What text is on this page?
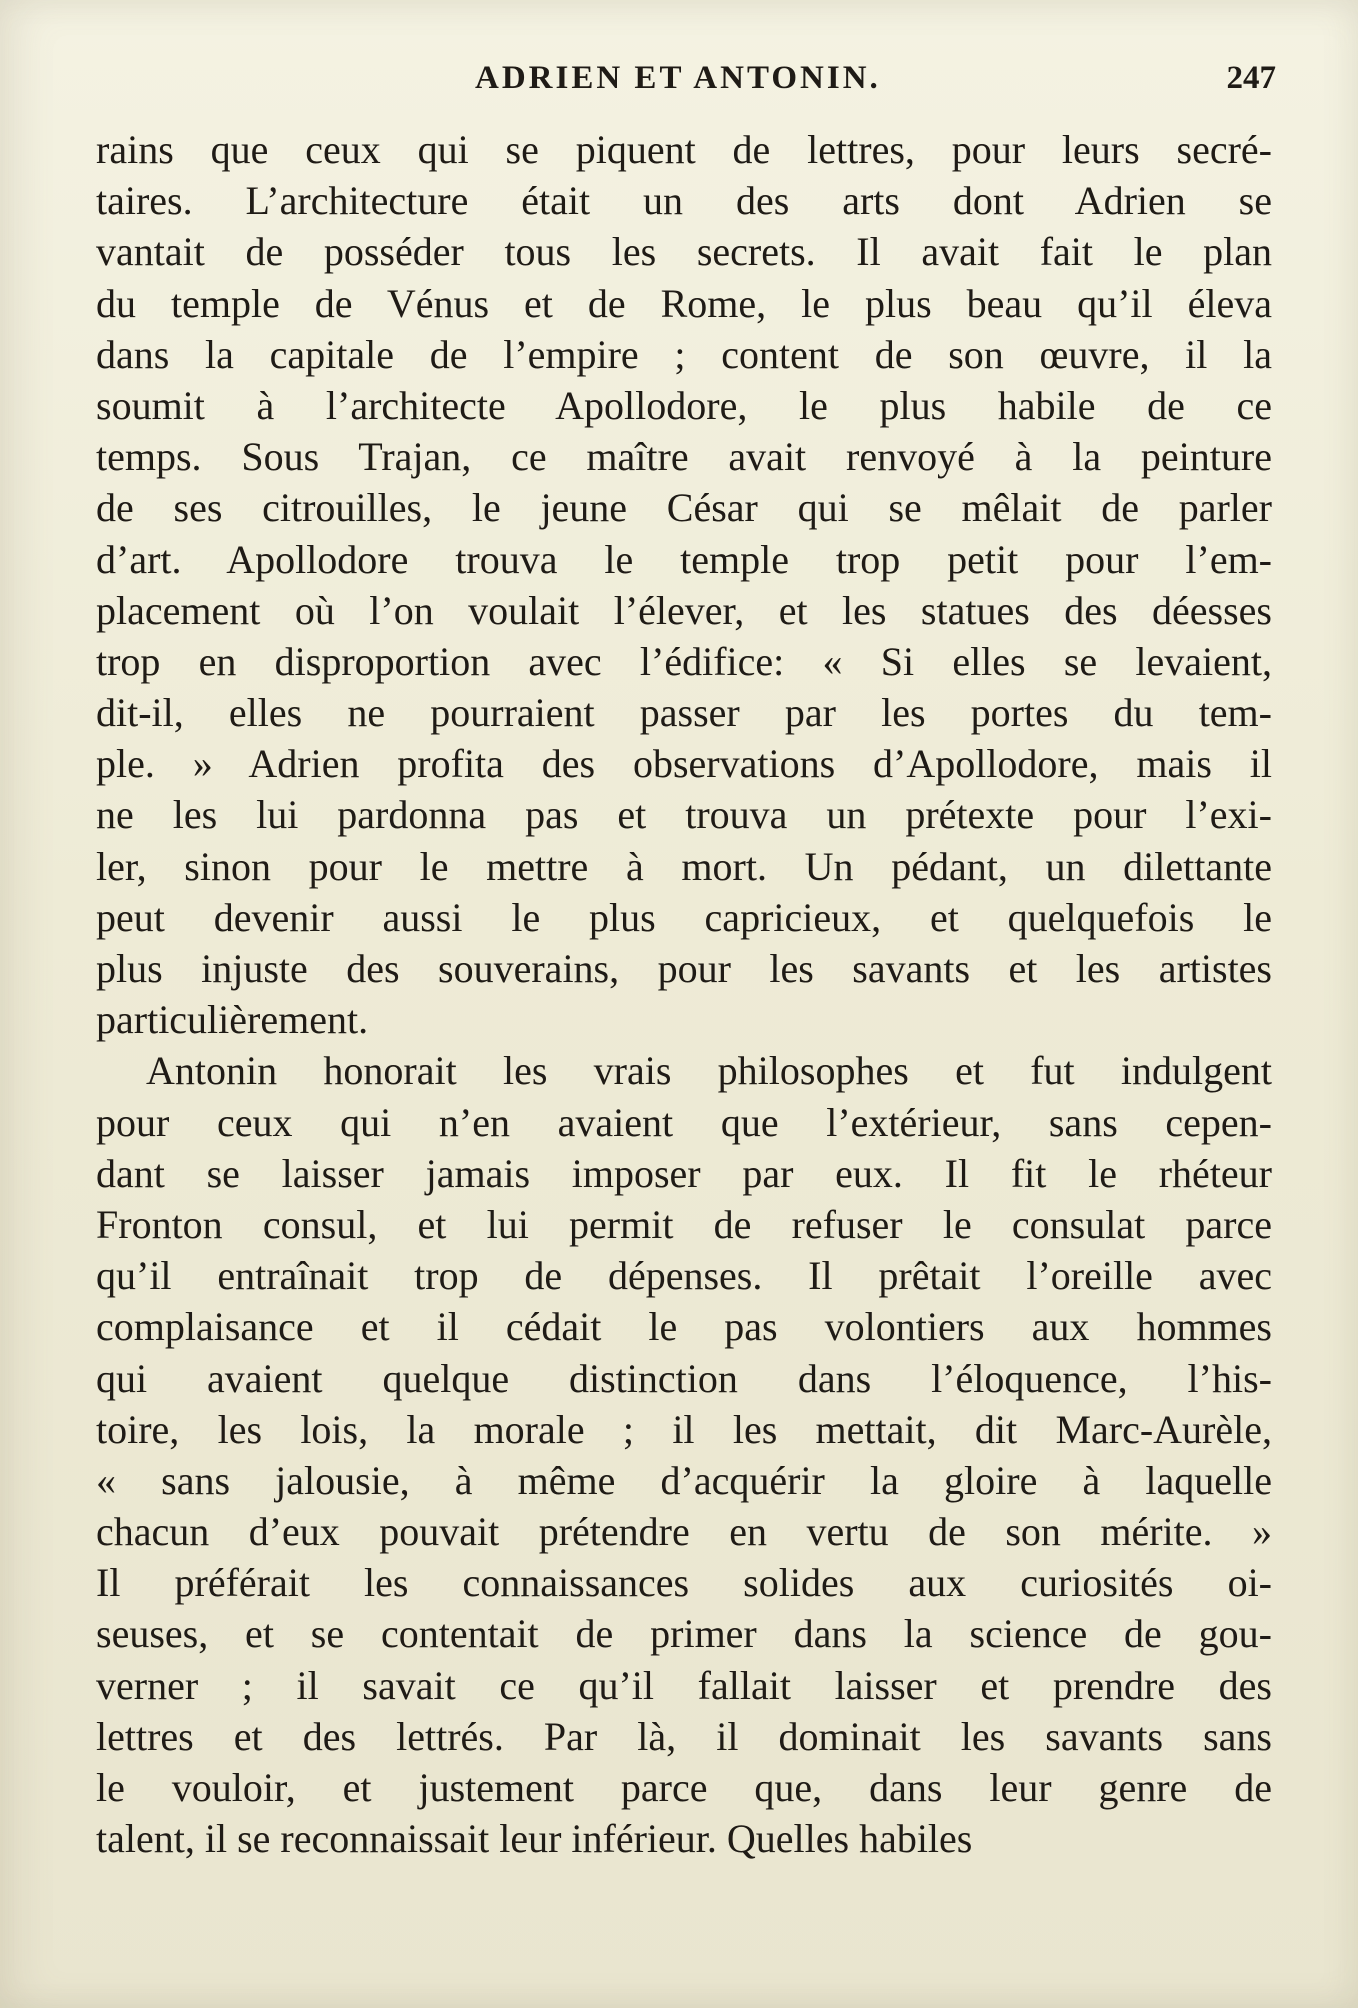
ADRIEN ET ANTONIN.	247
rains que ceux qui se piquent de lettres, pour leurs secré-
taires. L’architecture était un des arts dont Adrien se
vantait de posséder tous les secrets. Il avait fait le plan
du temple de Vénus et de Rome, le plus beau qu’il éleva
dans la capitale de l’empire ; content de son œuvre, il la
soumit à l’architecte Apollodore, le plus habile de ce
temps. Sous Trajan, ce maître avait renvoyé à la peinture
de ses citrouilles, le jeune César qui se mêlait de parler
d’art. Apollodore trouva le temple trop petit pour l’em-
placement où l’on voulait l’élever, et les statues des déesses
trop en disproportion avec l’édifice: « Si elles se levaient,
dit-il, elles ne pourraient passer par les portes du tem-
ple. » Adrien profita des observations d’Apollodore, mais il
ne les lui pardonna pas et trouva un prétexte pour l’exi-
ler, sinon pour le mettre à mort. Un pédant, un dilettante
peut devenir aussi le plus capricieux, et quelquefois le
plus injuste des souverains, pour les savants et les artistes
particulièrement.
Antonin honorait les vrais philosophes et fut indulgent
pour ceux qui n’en avaient que l’extérieur, sans cepen-
dant se laisser jamais imposer par eux. Il fit le rhéteur
Fronton consul, et lui permit de refuser le consulat parce
qu’il entraînait trop de dépenses. Il prêtait l’oreille avec
complaisance et il cédait le pas volontiers aux hommes
qui avaient quelque distinction dans l’éloquence, l’his-
toire, les lois, la morale ; il les mettait, dit Marc-Aurèle,
« sans jalousie, à même d’acquérir la gloire à laquelle
chacun d’eux pouvait prétendre en vertu de son mérite. »
Il préférait les connaissances solides aux curiosités oi-
seuses, et se contentait de primer dans la science de gou-
verner ; il savait ce qu’il fallait laisser et prendre des
lettres et des lettrés. Par là, il dominait les savants sans
le vouloir, et justement parce que, dans leur genre de
talent, il se reconnaissait leur inférieur. Quelles habiles
